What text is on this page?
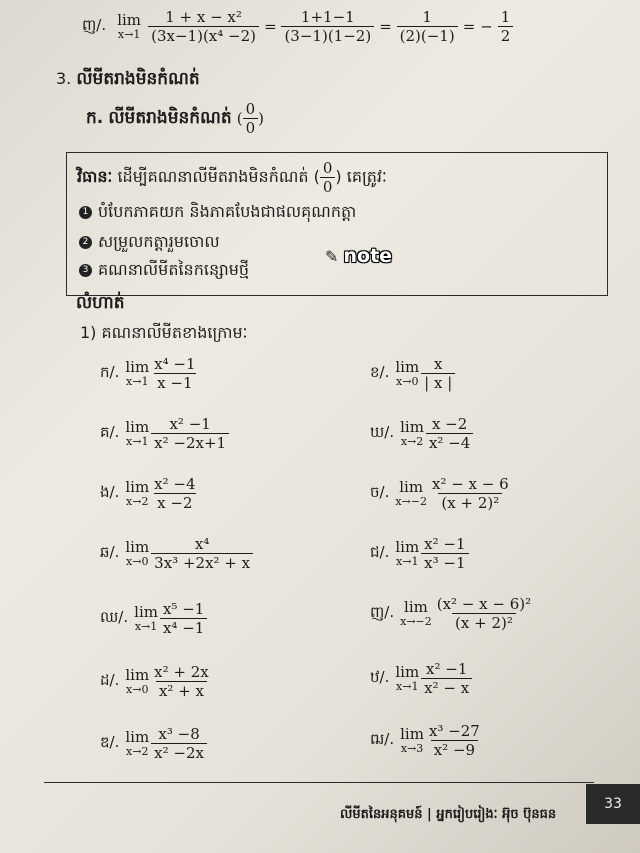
ញ/. lim
x→1
$\frac{\text{1 + x − x²}}{\text{(3x−1)(x⁴ −2)}} = \frac{1+1-1}{(3-1)(1-2)} = \frac{1}{(2)(-1)}$ = − $\frac{1}{2}$
3. លីមីតរាងមិនកំណត់
ក. លីមីតរាងមិនកំណត់ ( $\frac{0}{0}$ )
វិធានៈ ដើម្បីគណនាលីមីតរាងមិនកំណត់ ( $\frac{0}{0}$ ) គេត្រូវៈ
1 បំបែកភាគយក និងភាគបែងជាផលគុណកត្តា
2 សម្រួលកត្តារួមចោល
3 គណនាលីមីតនៃកន្សោមថ្មី
✎ note
លំហាត់
1) គណនាលីមីតខាងក្រោមៈ
ក/. lim
$x\to 1 \frac{\text{x⁴ −1}}{x -1}$
គ/. lim
$x\to 1 \frac{\text{x² −1}}{\text{x² −2x+1}}$
ង/. lim
$x\to 2 \frac{\text{x² −4}}{x -2}$
ឆ/. lim
$x\to 0 \frac{\text{x⁴}}{\text{3x³ +2x² + x}}$
ឈ/. lim
$x\to 1 \frac{\text{x⁵ −1}}{\text{x⁴ −1}}$
ដ/. lim
$x\to 0 \frac{\text{x² + 2x}}{\text{x² + x}}$
ឌ/. lim
$x\to 2 \frac{\text{x³ −8}}{\text{x² −2x}}$
ខ/. lim
$x\to 0 \frac{x}{| x |}$
ឃ/. lim
$x\to 2 \frac{x -2}{\text{x² −4}}$
ច/. lim
$x\to-2 \frac{\text{x² − x − 6}}{\text{(x + 2)²}}$
ជ/. lim
$x\to 1 \frac{\text{x² −1}}{\text{x³ −1}}$
ញ/. lim
$x\to-2 \frac{\text{(x² − x − 6)²}}{\text{(x + 2)²}}$
ឋ/. lim
$x\to 1 \frac{\text{x² −1}}{\text{x² − x}}$
ឍ/. lim
$x\to 3 \frac{\text{x³ −27}}{\text{x² −9}}$
លីមីតនៃអនុគមន៍ | អ្នករៀបរៀងៈ អ៊ុច ប៊ុនធន
33
